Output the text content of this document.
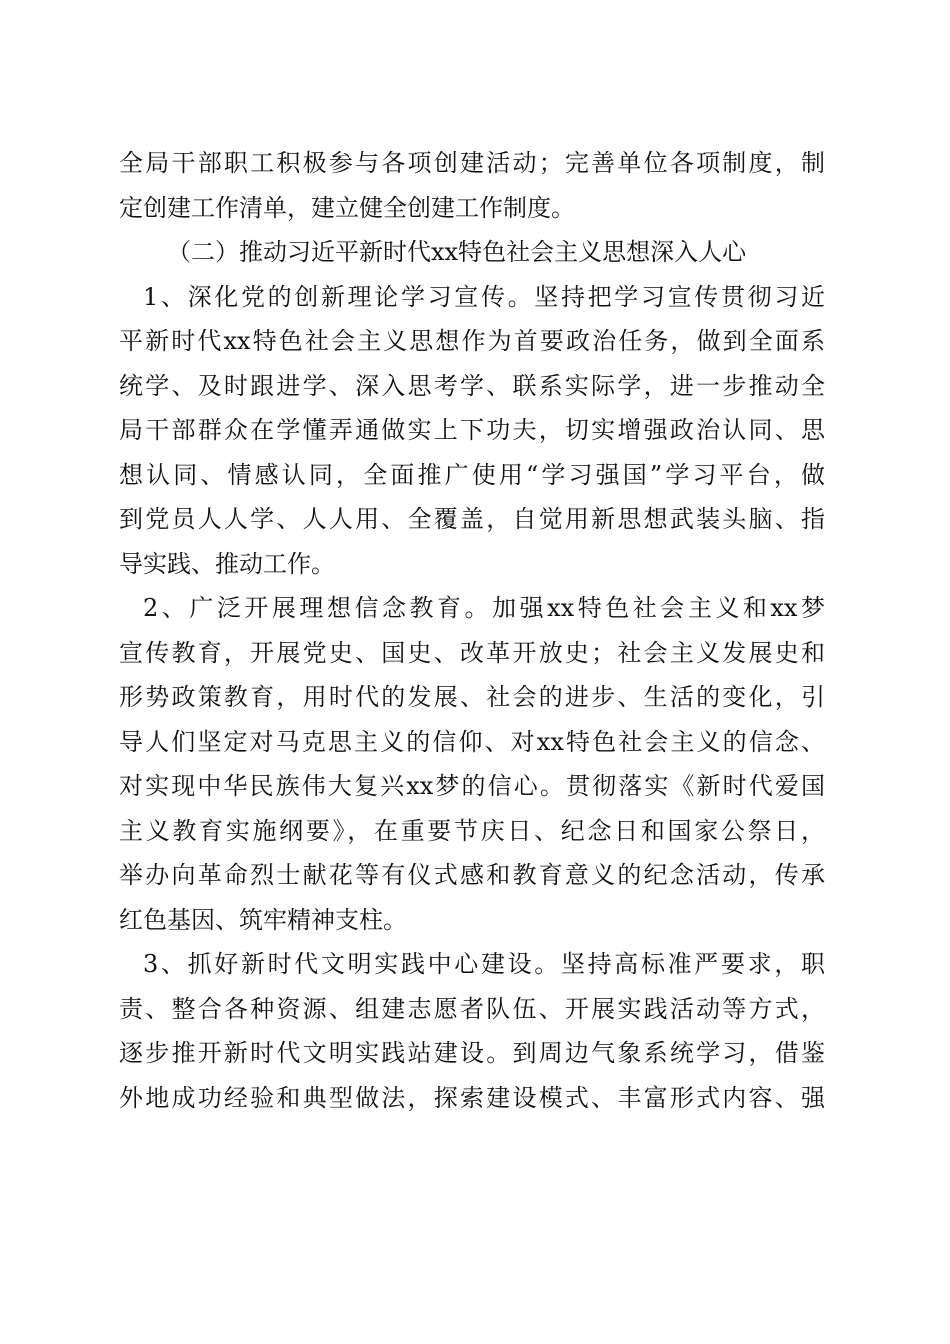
全局干部职工积极参与各项创建活动；完善单位各项制度，制
定创建工作清单，建立健全创建工作制度。
（二）推动习近平新时代xx特色社会主义思想深入人心
1、深化党的创新理论学习宣传。坚持把学习宣传贯彻习近
平新时代xx特色社会主义思想作为首要政治任务，做到全面系
统学、及时跟进学、深入思考学、联系实际学，进一步推动全
局干部群众在学懂弄通做实上下功夫，切实增强政治认同、思
想认同、情感认同，全面推广使用“学习强国”学习平台，做
到党员人人学、人人用、全覆盖，自觉用新思想武装头脑、指
导实践、推动工作。
2、广泛开展理想信念教育。加强xx特色社会主义和xx梦
宣传教育，开展党史、国史、改革开放史；社会主义发展史和
形势政策教育，用时代的发展、社会的进步、生活的变化，引
导人们坚定对马克思主义的信仰、对xx特色社会主义的信念、
对实现中华民族伟大复兴xx梦的信心。贯彻落实《新时代爱国
主义教育实施纲要》，在重要节庆日、纪念日和国家公祭日，
举办向革命烈士献花等有仪式感和教育意义的纪念活动，传承
红色基因、筑牢精神支柱。
3、抓好新时代文明实践中心建设。坚持高标准严要求，职
责、整合各种资源、组建志愿者队伍、开展实践活动等方式，
逐步推开新时代文明实践站建设。到周边气象系统学习，借鉴
外地成功经验和典型做法，探索建设模式、丰富形式内容、强
